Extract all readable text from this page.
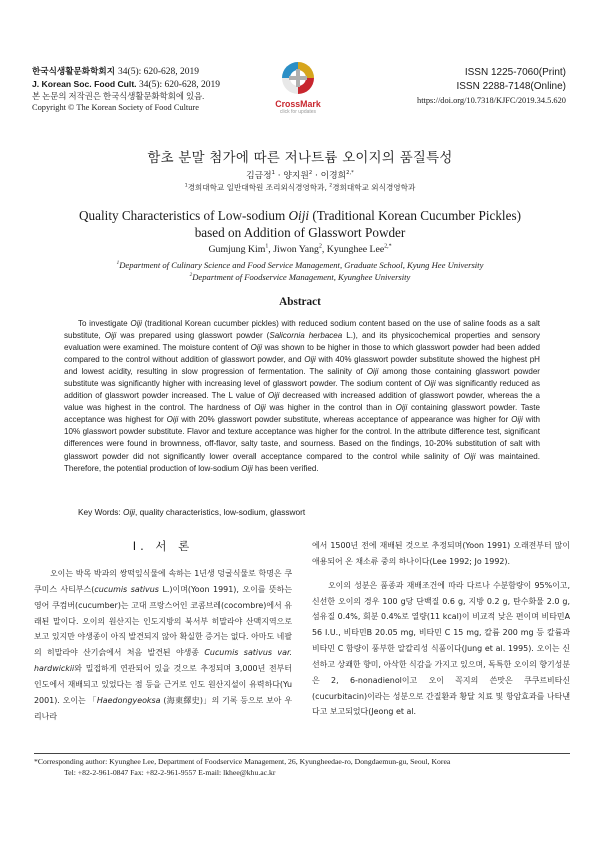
한국식생활문화학회지 34(5): 620-628, 2019
J. Korean Soc. Food Cult. 34(5): 620-628, 2019
본 논문의 저작권은 한국식생활문화학회에 있음.
Copyright © The Korean Society of Food Culture	CrossMark
click for updates
ISSN 1225-7060(Print)
ISSN 2288-7148(Online)
https://doi.org/10.7318/KJFC/2019.34.5.620
함초 분말 첨가에 따른 저나트륨 오이지의 품질특성
김금정$^1$ · 양지원$^2$ · 이경희$^{2,*}$
$^1$경희대학교 일반대학원 조리외식경영학과, $^2$경희대학교 외식경영학과
Quality Characteristics of Low-sodium Oiji (Traditional Korean Cucumber Pickles)
based on Addition of Glasswort Powder
Gumjung Kim$^1$, Jiwon Yang$^2$, Kyunghee Lee$^{2,*}$
$^1$Department of Culinary Science and Food Service Management, Graduate School, Kyung Hee University
$^2$Department of Foodservice Management, Kyunghee University
Abstract
To investigate Oiji (traditional Korean cucumber pickles) with reduced sodium content based on the use of saline foods as a salt substitute, Oiji was prepared using glasswort powder (Salicornia herbacea L.), and its physicochemical properties and sensory evaluation were examined. The moisture content of Oiji was shown to be higher in those to which glasswort powder had been added compared to the control without addition of glasswort powder, and Oiji with 40% glasswort powder substitute showed the highest pH and lowest acidity, resulting in slow progression of fermentation. The salinity of Oiji among those containing glasswort powder substitute was significantly higher with increasing level of glasswort powder. The sodium content of Oiji was significantly reduced as addition of glasswort powder increased. The L value of Oiji decreased with increased addition of glasswort powder, whereas the a value was highest in the control. The hardness of Oiji was higher in the control than in Oiji containing glasswort powder. Taste acceptance was highest for Oiji with 20% glasswort powder substitute, whereas acceptance of appearance was higher for Oiji with 10% glasswort powder substitute. Flavor and texture acceptance was higher for the control. In the attribute difference test, significant differences were found in brownness, off-flavor, salty taste, and sourness. Based on the findings, 10-20% substitution of salt with glasswort powder did not significantly lower overall acceptance compared to the control while salinity of Oiji was maintained. Therefore, the potential production of low-sodium Oiji has been verified.
Key Words: Oiji, quality characteristics, low-sodium, glasswort
Ⅰ. 서 론
오이는 박목 박과의 쌍떡잎식물에 속하는 1년생 덩굴식물로 학명은 쿠쿠미스 사티부스(cucumis sativus L.)이며(Yoon 1991), 오이를 뜻하는 영어 쿠컴버(cucumber)는 고대 프랑스어인 코콤브레(cocombre)에서 유래된 말이다. 오이의 원산지는 인도지방의 북서부 히말라야 산맥지역으로 보고 있지만 야생종이 아직 발견되지 않아 확실한 증거는 없다. 아마도 네팔의 히말라야 산기슭에서 처음 발견된 야생종 Cucumis sativus var. hardwickii와 밀접하게 연관되어 있을 것으로 추정되며 3,000년 전부터 인도에서 재배되고 있었다는 점 등을 근거로 인도 원산지설이 유력하다(Yu 2001). 오이는 「Haedongyeoksa (海東繹史)」의 기록 등으로 보아 우리나라
에서 1500년 전에 재배된 것으로 추정되며(Yoon 1991) 오래전부터 많이 애용되어 온 채소류 중의 하나이다(Lee 1992; Jo 1992).
오이의 성분은 품종과 재배조건에 따라 다르나 수분함량이 95%이고, 신선한 오이의 경우 100 g당 단백질 0.6 g, 지방 0.2 g, 탄수화물 2.0 g, 섬유질 0.4%, 회분 0.4%로 열량(11 kcal)이 비교적 낮은 편이며 비타민A 56 I.U., 비타민B 20.05 mg, 비타민 C 15 mg, 칼륨 200 mg 등 칼륨과 비타민 C 함량이 풍부한 알칼리성 식품이다(Jung et al. 1995). 오이는 신선하고 상쾌한 향미, 아삭한 식감을 가지고 있으며, 독특한 오이의 향기성분은 2, 6-nonadienol이고 오이 꼭지의 쓴맛은 쿠쿠르비타신(cucurbitacin)이라는 성분으로 간질환과 황달 치료 및 항암효과를 나타낸다고 보고되었다(Jeong et al.
*Corresponding author: Kyunghee Lee, Department of Foodservice Management, 26, Kyungheedae-ro, Dongdaemun-gu, Seoul, Korea
Tel: +82-2-961-0847 Fax: +82-2-961-9557 E-mail: lkhee@khu.ac.kr
